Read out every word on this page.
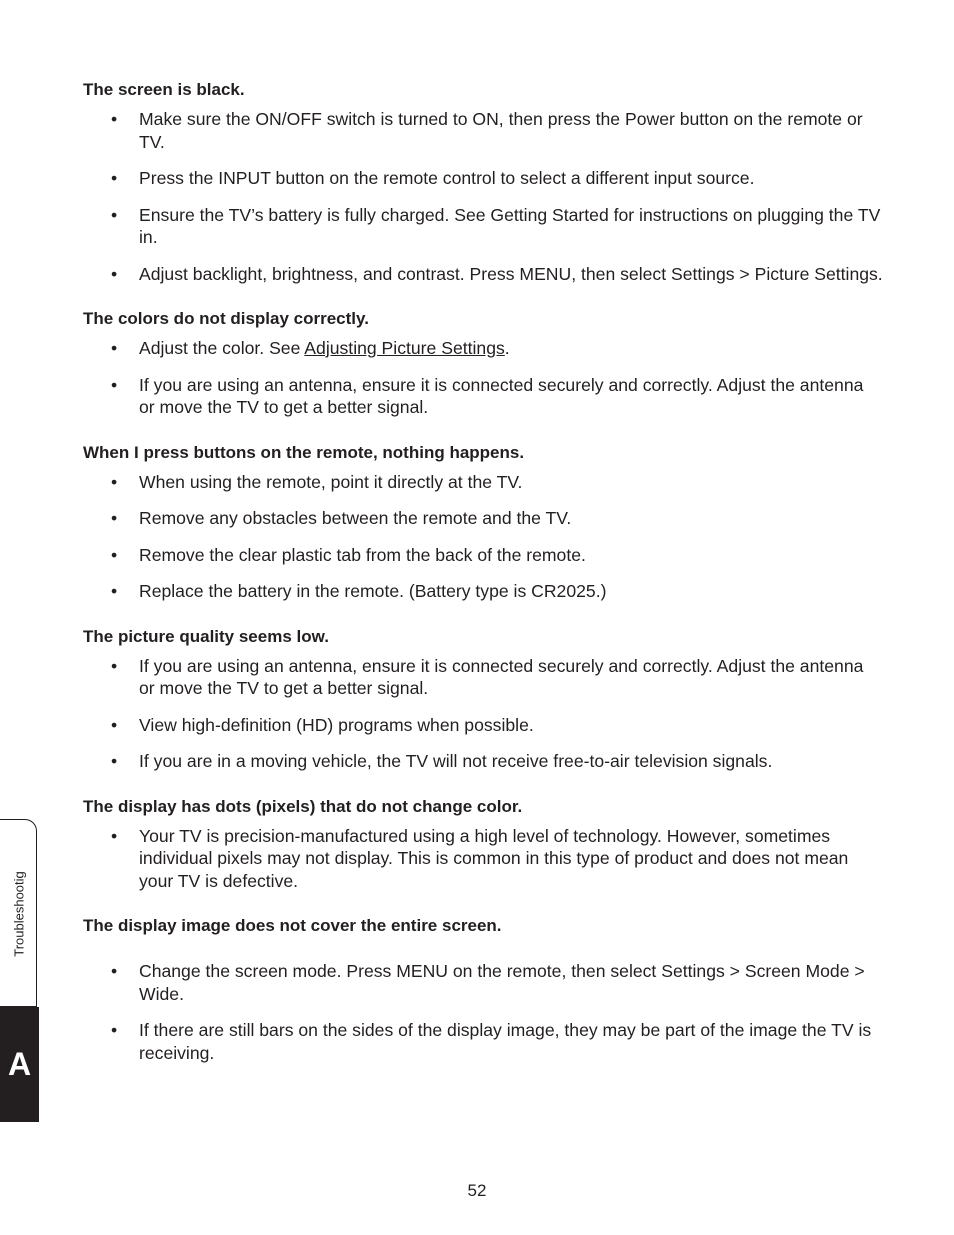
The screen is black.
• Make sure the ON/OFF switch is turned to ON, then press the Power button on the remote or TV.
• Press the INPUT button on the remote control to select a different input source.
• Ensure the TV’s battery is fully charged. See Getting Started for instructions on plugging the TV in.
• Adjust backlight, brightness, and contrast. Press MENU, then select Settings > Picture Settings.
The colors do not display correctly.
• Adjust the color. See Adjusting Picture Settings.
• If you are using an antenna, ensure it is connected securely and correctly. Adjust the antenna or move the TV to get a better signal.
When I press buttons on the remote, nothing happens.
• When using the remote, point it directly at the TV.
• Remove any obstacles between the remote and the TV.
• Remove the clear plastic tab from the back of the remote.
• Replace the battery in the remote. (Battery type is CR2025.)
The picture quality seems low.
• If you are using an antenna, ensure it is connected securely and correctly. Adjust the antenna or move the TV to get a better signal.
• View high-definition (HD) programs when possible.
• If you are in a moving vehicle, the TV will not receive free-to-air television signals.
The display has dots (pixels) that do not change color.
• Your TV is precision-manufactured using a high level of technology. However, sometimes individual pixels may not display. This is common in this type of product and does not mean your TV is defective.
The display image does not cover the entire screen.
• Change the screen mode. Press MENU on the remote, then select Settings > Screen Mode > Wide.
• If there are still bars on the sides of the display image, they may be part of the image the TV is receiving.
Troubleshootig
A
52
